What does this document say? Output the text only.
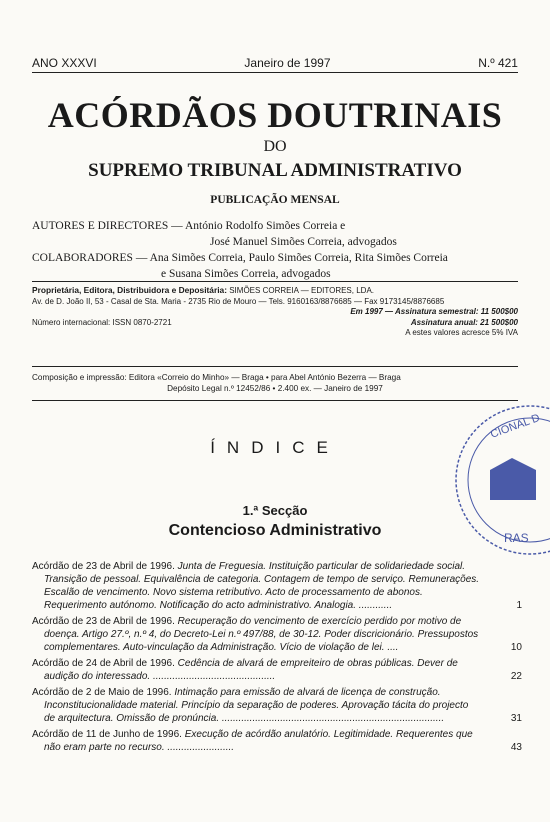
ANO XXXVI	Janeiro de 1997	N.º 421
ACÓRDÃOS DOUTRINAIS
DO
SUPREMO TRIBUNAL ADMINISTRATIVO
PUBLICAÇÃO MENSAL
AUTORES E DIRECTORES — António Rodolfo Simões Correia e
José Manuel Simões Correia, advogados
COLABORADORES — Ana Simões Correia, Paulo Simões Correia, Rita Simões Correia
e Susana Simões Correia, advogados
Proprietária, Editora, Distribuidora e Depositária: SIMÕES CORREIA — EDITORES, LDA.
Av. de D. João II, 53 - Casal de Sta. Maria - 2735 Rio de Mouro — Tels. 9160163/8876685 — Fax 9173145/8876685
Em 1997 — Assinatura semestral: 11 500$00
Número internacional: ISSN 0870-2721	Assinatura anual: 21 500$00
A estes valores acresce 5% IVA
Composição e impressão: Editora «Correio do Minho» — Braga • para Abel António Bezerra — Braga
Depósito Legal n.º 12452/86 • 2.400 ex. — Janeiro de 1997
ÍNDICE
1.ª Secção
Contencioso Administrativo
Acórdão de 23 de Abril de 1996. Junta de Freguesia. Instituição particular de solidariedade social. Transição de pessoal. Equivalência de categoria. Contagem de tempo de serviço. Remunerações. Escalão de vencimento. Novo sistema retributivo. Acto de processamento de abonos. Requerimento autónomo. Notificação do acto administrativo. Analogia. ............	1
Acórdão de 23 de Abril de 1996. Recuperação do vencimento de exercício perdido por motivo de doença. Artigo 27.º, n.º 4, do Decreto-Lei n.º 497/88, de 30-12. Poder discricionário. Pressupostos complementares. Auto-vinculação da Administração. Vício de violação de lei. ....	10
Acórdão de 24 de Abril de 1996. Cedência de alvará de empreiteiro de obras públicas. Dever de audição do interessado. ............................................	22
Acórdão de 2 de Maio de 1996. Intimação para emissão de alvará de licença de construção. Inconstitucionalidade material. Princípio da separação de poderes. Aprovação tácita do projecto de arquitectura. Omissão de pronúncia. ................................................................................	31
Acórdão de 11 de Junho de 1996. Execução de acórdão anulatório. Legitimidade. Requerentes que não eram parte no recurso. ........................	43
CIONAL D
RAS
